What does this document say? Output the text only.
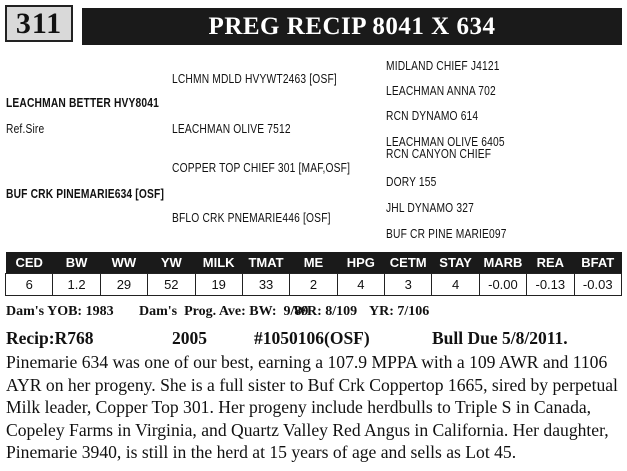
311	PREG RECIP 8041 X 634
LCHMN MDLD HVYWT2463 [OSF]
LEACHMAN BETTER HVY8041
Ref.Sire	LEACHMAN OLIVE 7512
COPPER TOP CHIEF 301 [MAF,OSF]
BUF CRK PINEMARIE634 [OSF]
BFLO CRK PNEMARIE446 [OSF]
MIDLAND CHIEF J4121
LEACHMAN ANNA 702
RCN DYNAMO 614
LEACHMAN OLIVE 6405
RCN CANYON CHIEF
DORY 155
JHL DYNAMO 327
BUF CR PINE MARIE097
CED	BW	WW	YW	MILK	TMAT	ME	HPG	CETM	STAY	MARB	REA	BFAT
6	1.2	29	52	19	33	2	4	3	4	-0.00	-0.13	-0.03
Dam's YOB: 1983 Dam's  Prog. Ave: BW:  9/89
WR: 8/109 YR: 7/106
Recip:R768	2005	#1050106(OSF)	Bull Due 5/8/2011.
Pinemarie 634 was one of our best, earning a 107.9 MPPA with a 109 AWR and 1106 AYR on her progeny. She is a full sister to Buf Crk Coppertop 1665, sired by perpetual Milk leader, Copper Top 301. Her progeny include herdbulls to Triple S in Canada, Copeley Farms in Virginia, and Quartz Valley Red Angus in California. Her daughter, Pinemarie 3940, is still in the herd at 15 years of age and sells as Lot 45.
